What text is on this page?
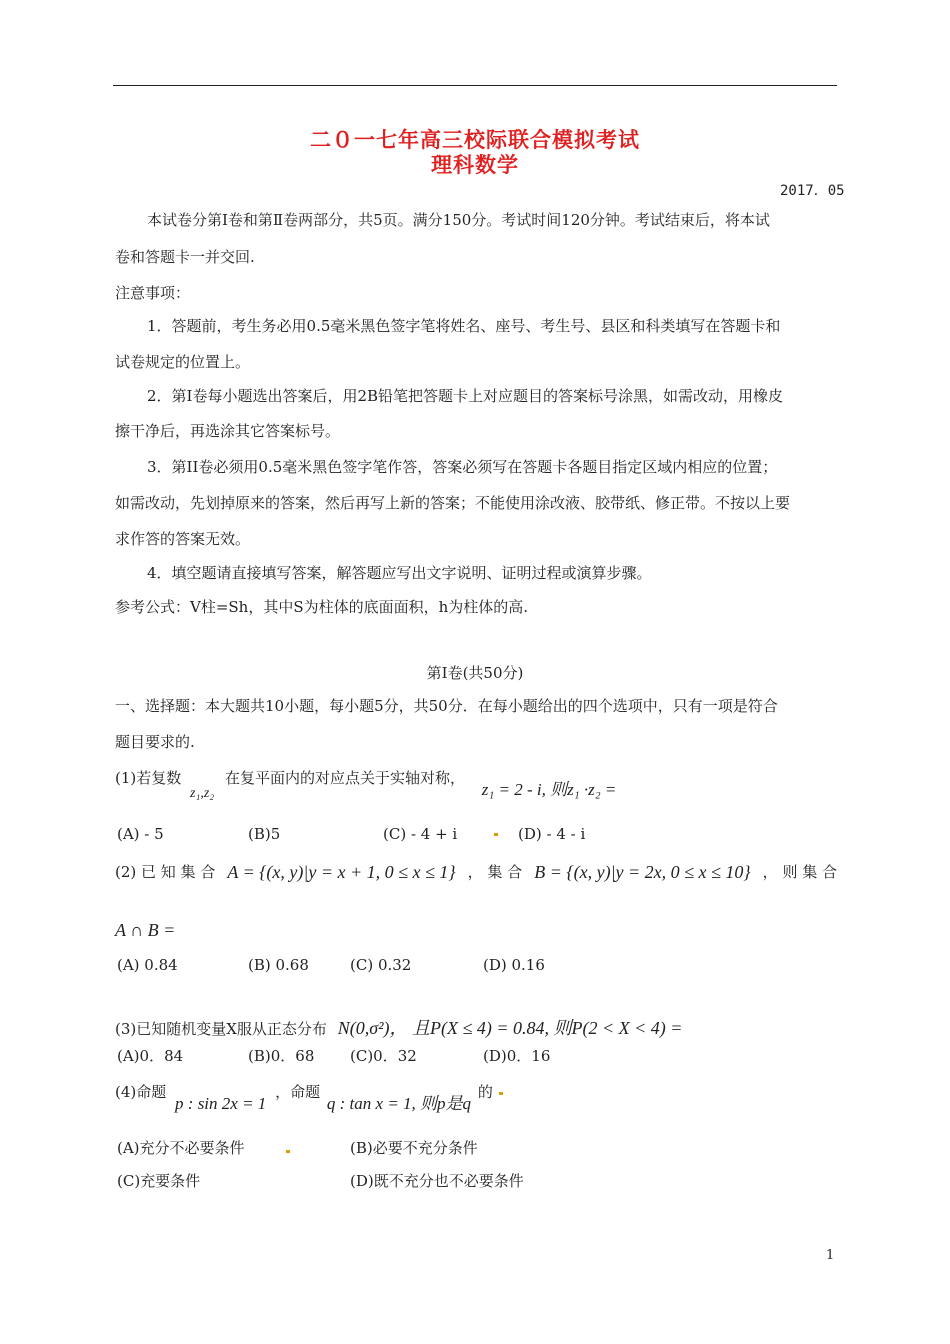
二０一七年高三校际联合模拟考试
理科数学
2017．05
本试卷分第Ⅰ卷和第Ⅱ卷两部分，共5页。满分150分。考试时间120分钟。考试结束后，将本试
卷和答题卡一并交回.
注意事项：
1．答题前，考生务必用0.5毫米黑色签字笔将姓名、座号、考生号、县区和科类填写在答题卡和
试卷规定的位置上。
2．第Ⅰ卷每小题选出答案后，用2B铅笔把答题卡上对应题目的答案标号涂黑，如需改动，用橡皮
擦干净后，再选涂其它答案标号。
3．第II卷必须用0.5毫米黑色签字笔作答，答案必须写在答题卡各题目指定区域内相应的位置；
如需改动，先划掉原来的答案，然后再写上新的答案；不能使用涂改液、胶带纸、修正带。不按以上要
求作答的答案无效。
4．填空题请直接填写答案，解答题应写出文字说明、证明过程或演算步骤。
参考公式：V柱=Sh，其中S为柱体的底面面积，h为柱体的高.
第Ⅰ卷(共50分)
一、选择题：本大题共10小题，每小题5分，共50分．在每小题给出的四个选项中，只有一项是符合
题目要求的.
(1)若复数 z₁,z₂ 在复平面内的对应点关于实轴对称， z₁ = 2 - i, 则z₁ ·z₂ =
(A) - 5	(B)5	(C) - 4 + i	(D) - 4 - i
(2) 已 知 集 合 A = {(x, y)|y = x + 1, 0 ≤ x ≤ 1} ， 集 合 B = {(x, y)|y = 2x, 0 ≤ x ≤ 10} ， 则 集 合
A ∩ B =
(A) 0.84	(B) 0.68	(C) 0.32	(D) 0.16
(3)已知随机变量X服从正态分布 N(0,σ²)， 且P(X ≤ 4) = 0.84, 则P(2 < X < 4) =
(A)0．84	(B)0．68 (C)0．32	(D)0．16
(4)命题 p : sin 2x = 1 ，命题 q : tan x = 1, 则p是q 的
(A)充分不必要条件	(B)必要不充分条件
(C)充要条件	(D)既不充分也不必要条件
1
